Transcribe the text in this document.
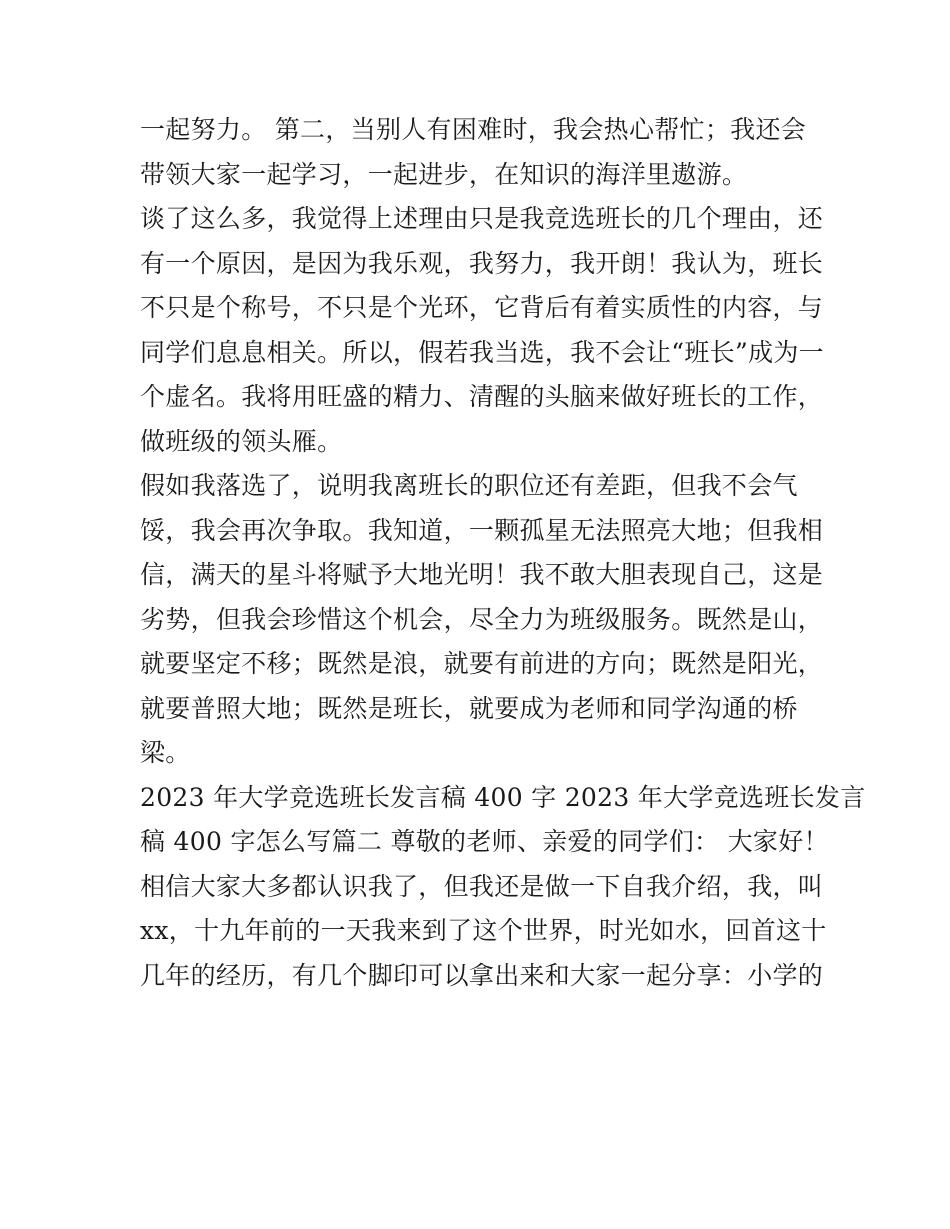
一起努力。 第二，当别人有困难时，我会热心帮忙；我还会
带领大家一起学习，一起进步，在知识的海洋里遨游。
谈了这么多，我觉得上述理由只是我竞选班长的几个理由，还
有一个原因，是因为我乐观，我努力，我开朗！我认为，班长
不只是个称号，不只是个光环，它背后有着实质性的内容，与
同学们息息相关。所以，假若我当选，我不会让“班长”成为一
个虚名。我将用旺盛的精力、清醒的头脑来做好班长的工作，
做班级的领头雁。
假如我落选了，说明我离班长的职位还有差距，但我不会气
馁，我会再次争取。我知道，一颗孤星无法照亮大地；但我相
信，满天的星斗将赋予大地光明！我不敢大胆表现自己，这是
劣势，但我会珍惜这个机会，尽全力为班级服务。既然是山，
就要坚定不移；既然是浪，就要有前进的方向；既然是阳光，
就要普照大地；既然是班长，就要成为老师和同学沟通的桥
梁。
2023 年大学竞选班长发言稿 400 字 2023 年大学竞选班长发言
稿 400 字怎么写篇二 尊敬的老师、亲爱的同学们： 大家好！
相信大家大多都认识我了，但我还是做一下自我介绍，我，叫
xx，十九年前的一天我来到了这个世界，时光如水，回首这十
几年的经历，有几个脚印可以拿出来和大家一起分享：小学的
